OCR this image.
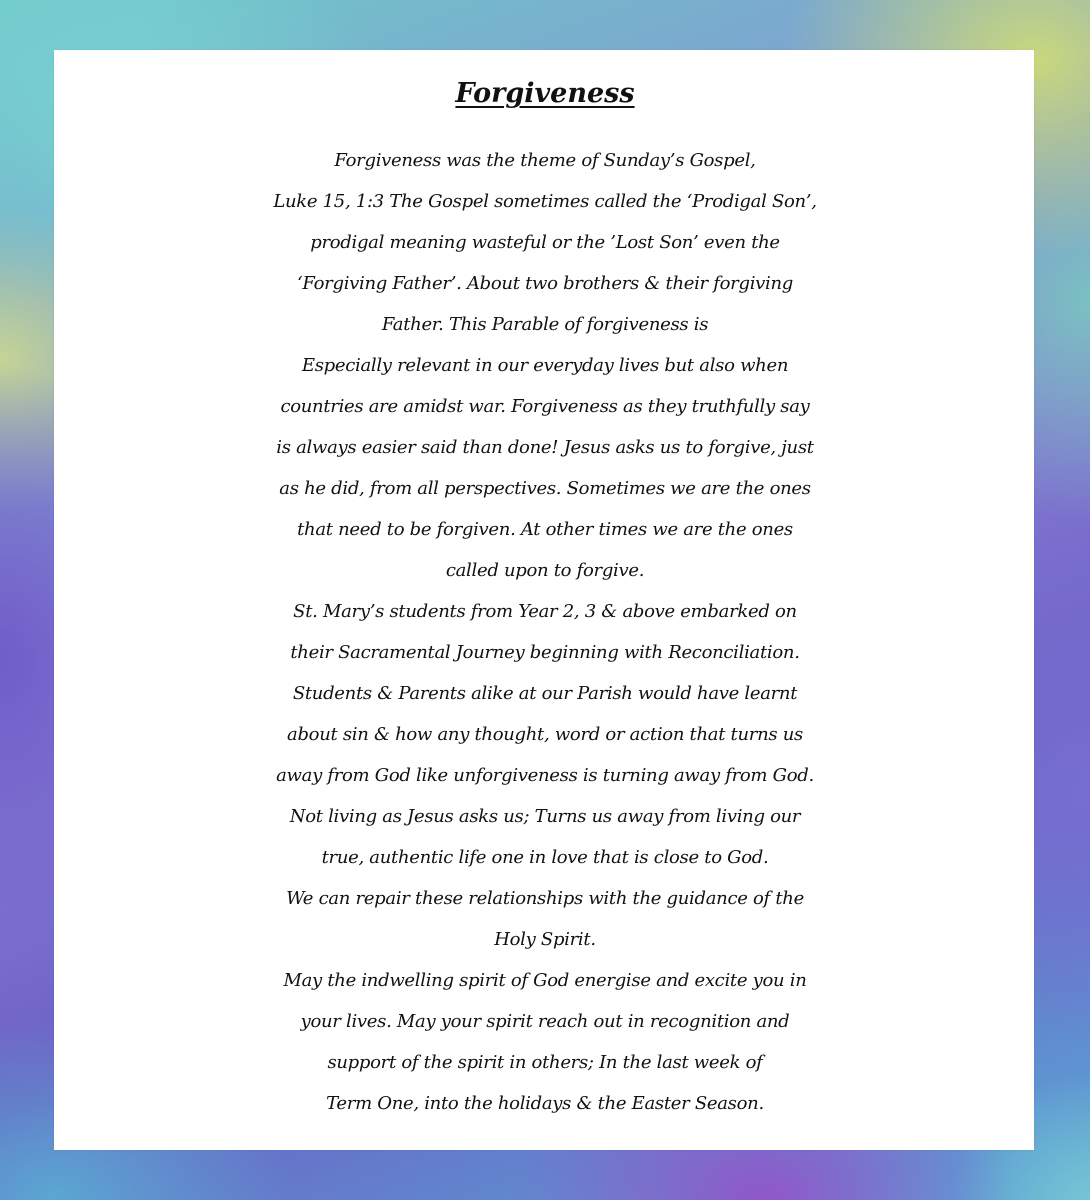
Forgiveness
Forgiveness was the theme of Sunday’s Gospel,
Luke 15, 1:3 The Gospel sometimes called the ‘Prodigal Son’,
prodigal meaning wasteful or the ’Lost Son’ even the
‘Forgiving Father’. About two brothers & their forgiving
Father. This Parable of forgiveness is
Especially relevant in our everyday lives but also when
countries are amidst war. Forgiveness as they truthfully say
is always easier said than done! Jesus asks us to forgive, just
as he did, from all perspectives. Sometimes we are the ones
that need to be forgiven. At other times we are the ones
called upon to forgive.
St. Mary’s students from Year 2, 3 & above embarked on
their Sacramental Journey beginning with Reconciliation.
Students & Parents alike at our Parish would have learnt
about sin & how any thought, word or action that turns us
away from God like unforgiveness is turning away from God.
Not living as Jesus asks us; Turns us away from living our
true, authentic life one in love that is close to God.
We can repair these relationships with the guidance of the
Holy Spirit.
May the indwelling spirit of God energise and excite you in
your lives. May your spirit reach out in recognition and
support of the spirit in others; In the last week of
Term One, into the holidays & the Easter Season.
